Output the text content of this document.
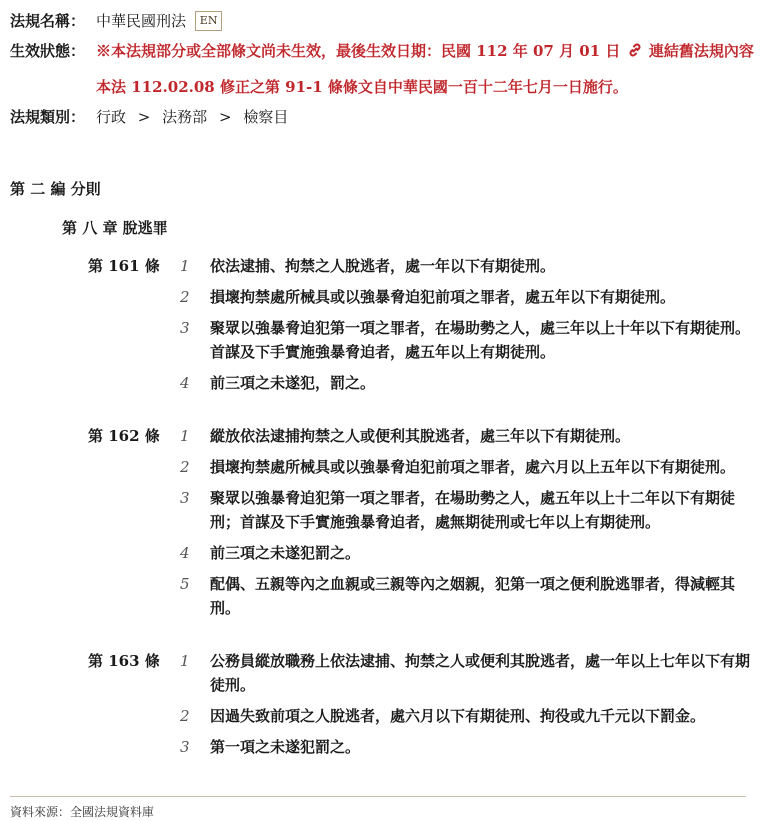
法規名稱： 中華民國刑法 EN
生效狀態： ※本法規部分或全部條文尚未生效，最後生效日期：民國 112 年 07 月 01 日 連結舊法規內容
本法 112.02.08 修正之第 91-1 條條文自中華民國一百十二年七月一日施行。
法規類別： 行政 > 法務部 > 檢察目
第 二 編 分則
第 八 章 脫逃罪
第 161 條	1	依法逮捕、拘禁之人脫逃者，處一年以下有期徒刑。
2	損壞拘禁處所械具或以強暴脅迫犯前項之罪者，處五年以下有期徒刑。
3	聚眾以強暴脅迫犯第一項之罪者，在場助勢之人，處三年以上十年以下有期徒刑。首謀及下手實施強暴脅迫者，處五年以上有期徒刑。
4	前三項之未遂犯，罰之。
第 162 條	1	縱放依法逮捕拘禁之人或便利其脫逃者，處三年以下有期徒刑。
2	損壞拘禁處所械具或以強暴脅迫犯前項之罪者，處六月以上五年以下有期徒刑。
3	聚眾以強暴脅迫犯第一項之罪者，在場助勢之人，處五年以上十二年以下有期徒刑；首謀及下手實施強暴脅迫者，處無期徒刑或七年以上有期徒刑。
4	前三項之未遂犯罰之。
5	配偶、五親等內之血親或三親等內之姻親，犯第一項之便利脫逃罪者，得減輕其刑。
第 163 條	1	公務員縱放職務上依法逮捕、拘禁之人或便利其脫逃者，處一年以上七年以下有期徒刑。
2	因過失致前項之人脫逃者，處六月以下有期徒刑、拘役或九千元以下罰金。
3	第一項之未遂犯罰之。
資料來源：全國法規資料庫
